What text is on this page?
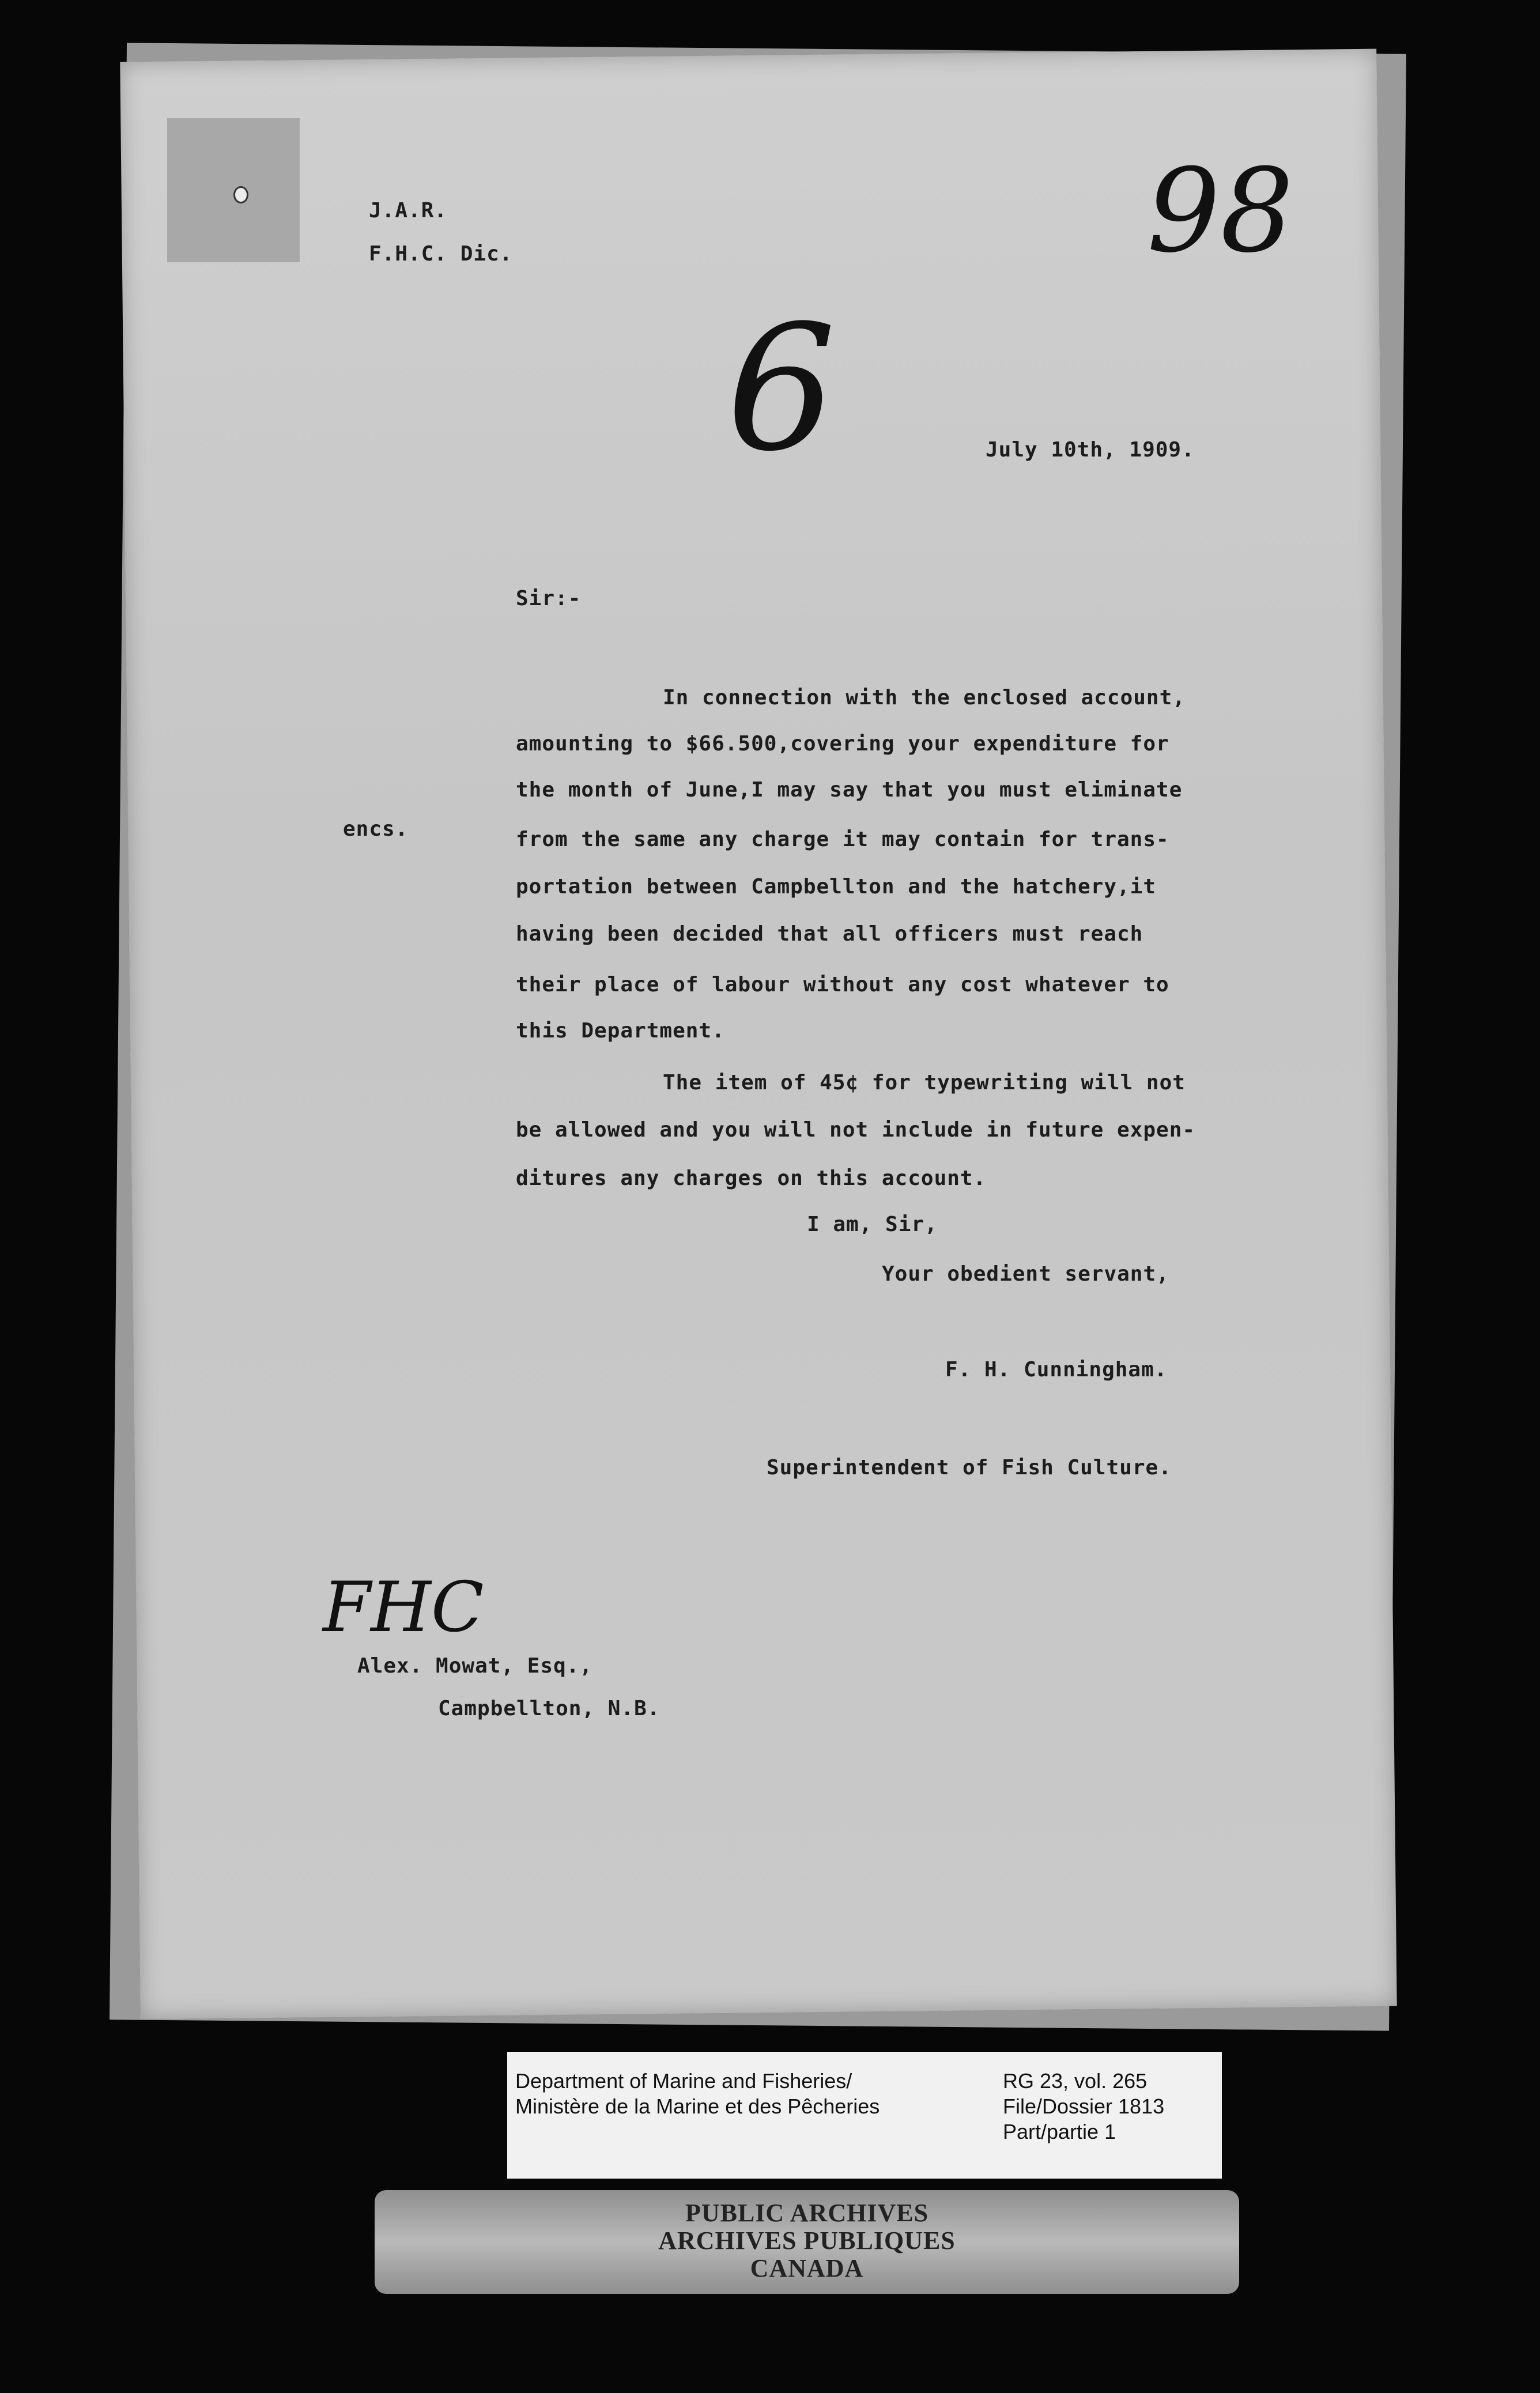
98
J.A.R.
F.H.C. Dic.
6	July 10th, 1909.
Sir:-
In connection with the enclosed account,
amounting to $66.500,covering your expenditure for
the month of June,I may say that you must eliminate
from the same any charge it may contain for trans-
portation between Campbellton and the hatchery,it
having been decided that all officers must reach
their place of labour without any cost whatever to
this Department.
encs.
The item of 45¢ for typewriting will not
be allowed and you will not include in future expen-
ditures any charges on this account.
I am, Sir,
Your obedient servant,
F. H. Cunningham.
Superintendent of Fish Culture.
FHC
Alex. Mowat, Esq.,
Campbellton, N.B.
Department of Marine and Fisheries/
Ministère de la Marine et des Pêcheries
RG 23, vol. 265
File/Dossier 1813
Part/partie 1
PUBLIC ARCHIVES
ARCHIVES PUBLIQUES
CANADA
